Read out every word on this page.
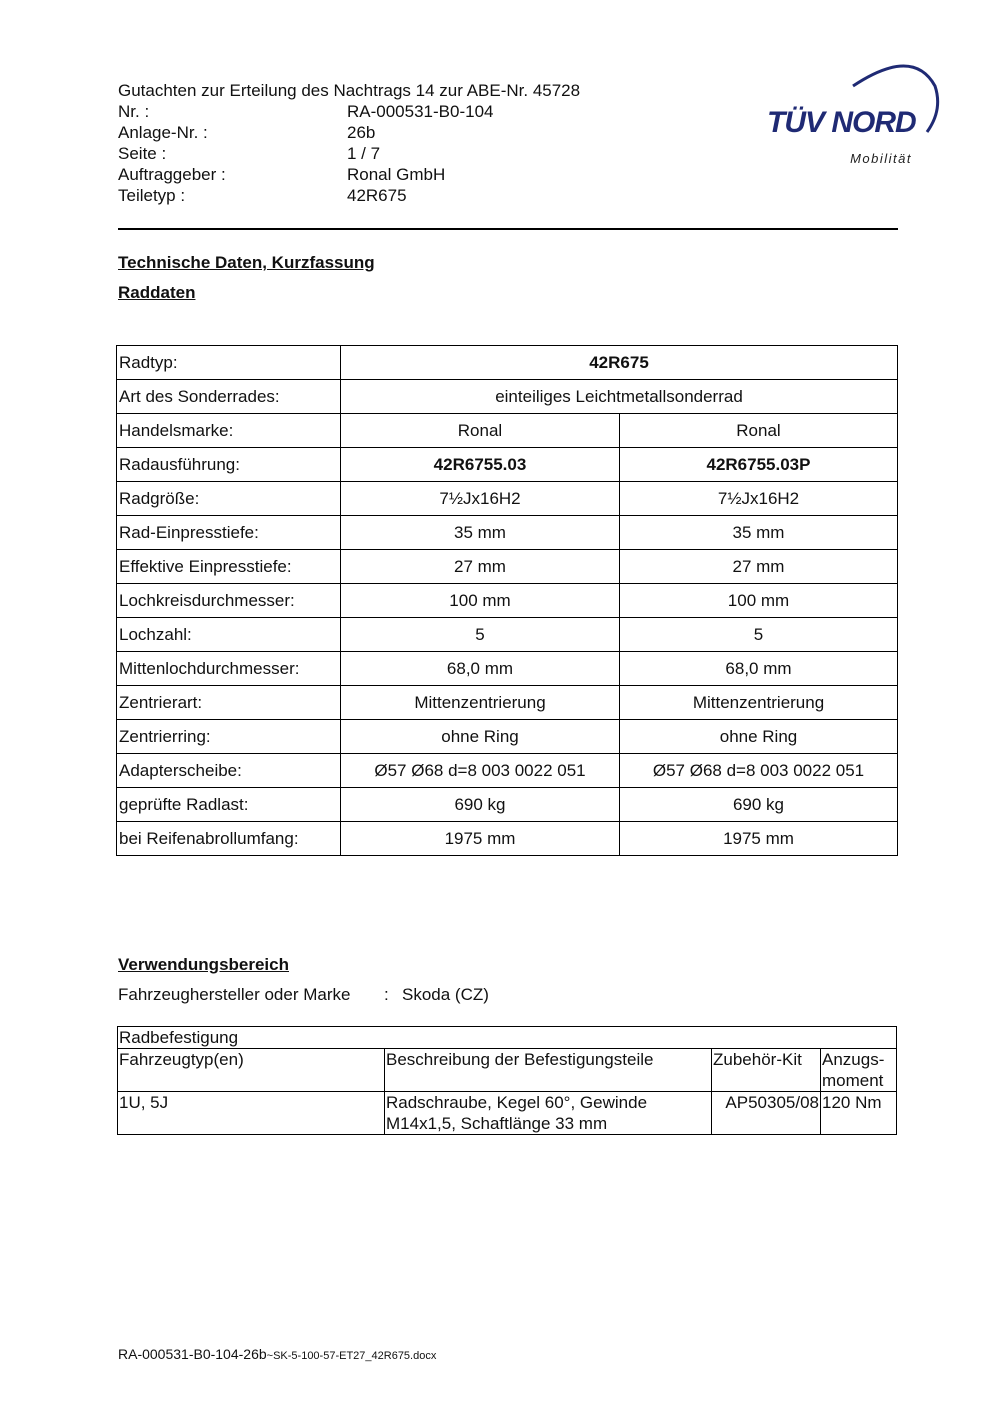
Gutachten zur Erteilung des Nachtrags 14 zur ABE-Nr. 45728
Nr. :	RA-000531-B0-104
Anlage-Nr. :	26b
Seite :	1 / 7
Auftraggeber :	Ronal GmbH
Teiletyp :	42R675
TÜV NORD
Mobilität
Technische Daten, Kurzfassung
Raddaten
Radtyp:	42R675	
Art des Sonderrades:	einteiliges Leichtmetallsonderrad	
Handelsmarke:	Ronal	Ronal
Radausführung:	42R6755.03	42R6755.03P
Radgröße:	7½Jx16H2	7½Jx16H2
Rad-Einpresstiefe:	35 mm	35 mm
Effektive Einpresstiefe:	27 mm	27 mm
Lochkreisdurchmesser:	100 mm	100 mm
Lochzahl:	5	5
Mittenlochdurchmesser:	68,0 mm	68,0 mm
Zentrierart:	Mittenzentrierung	Mittenzentrierung
Zentrierring:	ohne Ring	ohne Ring
Adapterscheibe:	Ø57 Ø68 d=8 003 0022 051	Ø57 Ø68 d=8 003 0022 051
geprüfte Radlast:	690 kg	690 kg
bei Reifenabrollumfang:	1975 mm	1975 mm
Verwendungsbereich
Fahrzeughersteller oder Marke : Skoda (CZ)
Radbefestigung			
Fahrzeugtyp(en)	Beschreibung der Befestigungsteile	Zubehör-Kit	Anzugs-
moment
1U, 5J	Radschraube, Kegel 60°, Gewinde
M14x1,5, Schaftlänge 33 mm	AP50305/08	120 Nm
RA-000531-B0-104-26b~SK-5-100-57-ET27_42R675.docx
